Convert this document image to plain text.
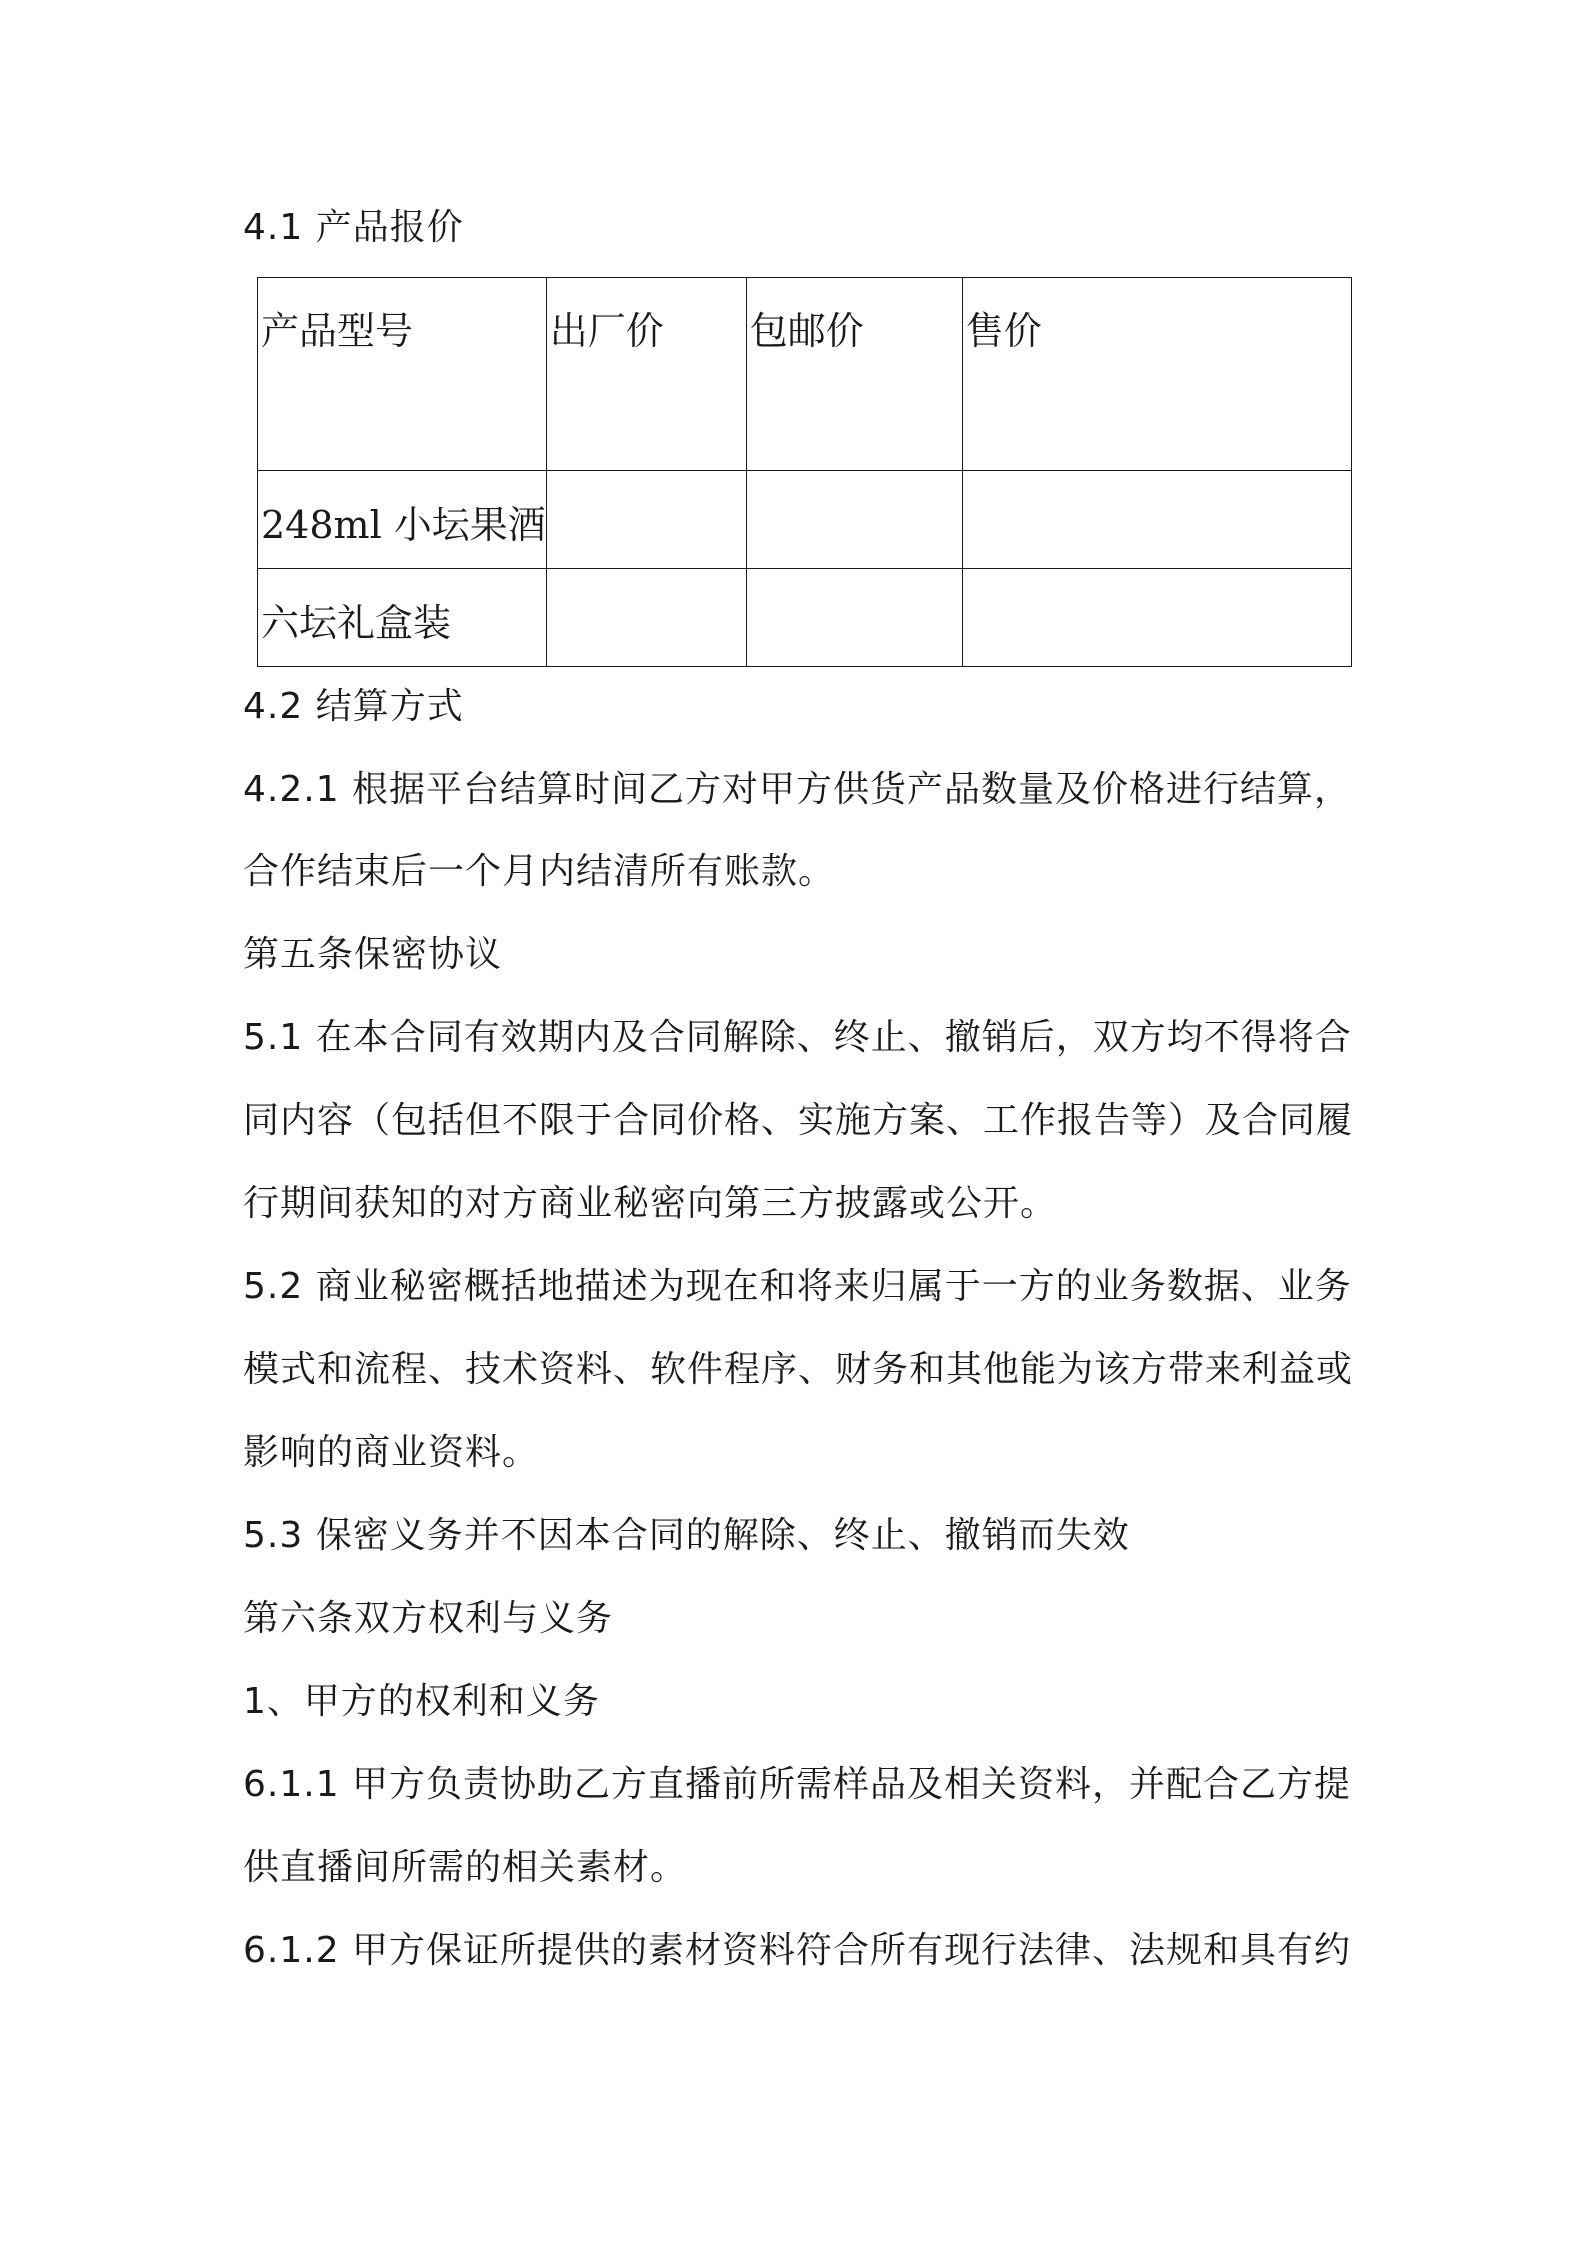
4.1 产品报价
产品型号	出厂价	包邮价	售价
248ml 小坛果酒			
六坛礼盒装			
4.2 结算方式
4.2.1 根据平台结算时间乙方对甲方供货产品数量及价格进行结算，
合作结束后一个月内结清所有账款。
第五条保密协议
5.1 在本合同有效期内及合同解除、终止、撤销后，双方均不得将合
同内容（包括但不限于合同价格、实施方案、工作报告等）及合同履
行期间获知的对方商业秘密向第三方披露或公开。
5.2 商业秘密概括地描述为现在和将来归属于一方的业务数据、业务
模式和流程、技术资料、软件程序、财务和其他能为该方带来利益或
影响的商业资料。
5.3 保密义务并不因本合同的解除、终止、撤销而失效
第六条双方权利与义务
1、甲方的权利和义务
6.1.1 甲方负责协助乙方直播前所需样品及相关资料，并配合乙方提
供直播间所需的相关素材。
6.1.2 甲方保证所提供的素材资料符合所有现行法律、法规和具有约
